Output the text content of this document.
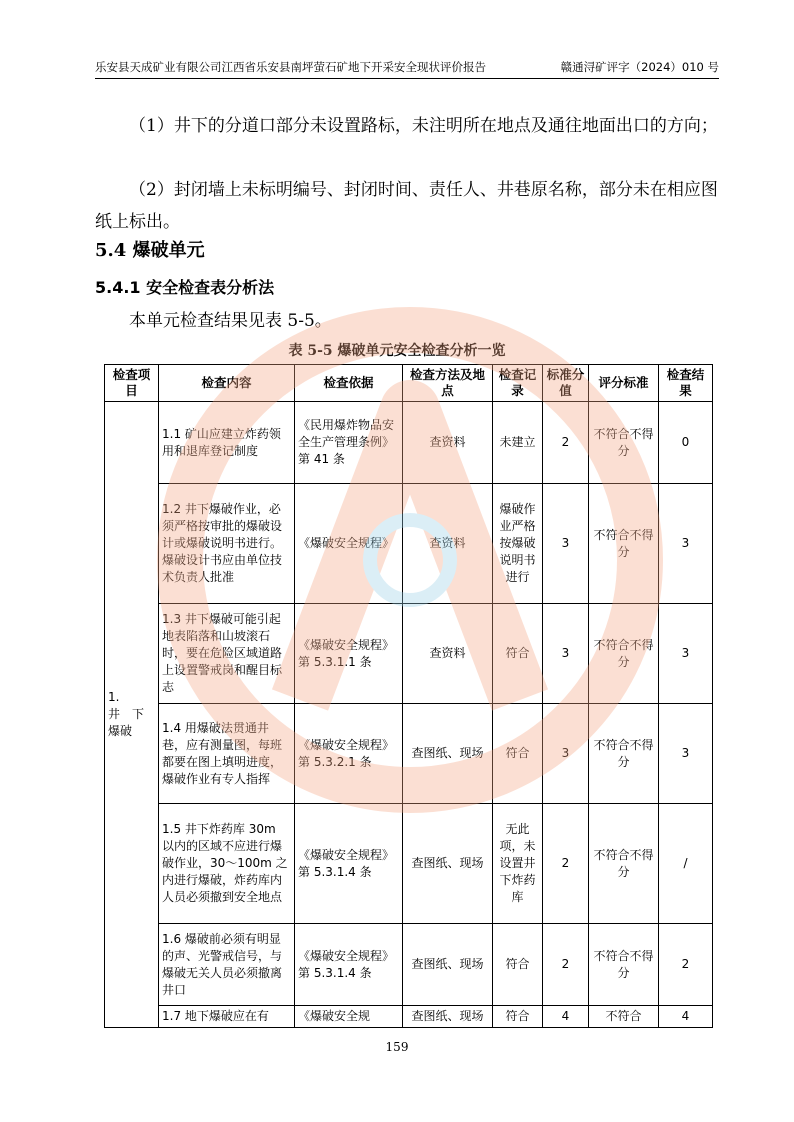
乐安县天成矿业有限公司江西省乐安县南坪萤石矿地下开采安全现状评价报告	赣通浔矿评字（2024）010 号
（1）井下的分道口部分未设置路标，未注明所在地点及通往地面出口的方向；
（2）封闭墙上未标明编号、封闭时间、责任人、井巷原名称，部分未在相应图纸上标出。
5.4 爆破单元
5.4.1 安全检查表分析法
本单元检查结果见表 5-5。
表 5-5 爆破单元安全检查分析一览
检查项目	检查内容	检查依据	检查方法及地点	检查记录	标准分值	评分标准	检查结果
1.
井　下爆破	1.1 矿山应建立炸药领用和退库登记制度	《民用爆炸物品安全生产管理条例》第 41 条	查资料	未建立	2	不符合不得分	0
	1.2 井下爆破作业，必须严格按审批的爆破设计或爆破说明书进行。爆破设计书应由单位技术负责人批准	《爆破安全规程》	查资料	爆破作业严格按爆破说明书进行	3	不符合不得分	3
	1.3 井下爆破可能引起地表陷落和山坡滚石时，要在危险区域道路上设置警戒岗和醒目标志	《爆破安全规程》第 5.3.1.1 条	查资料	符合	3	不符合不得分	3
	1.4 用爆破法贯通井巷，应有测量图，每班都要在图上填明进度，爆破作业有专人指挥	《爆破安全规程》第 5.3.2.1 条	查图纸、现场	符合	3	不符合不得分	3
	1.5 井下炸药库 30m 以内的区域不应进行爆破作业，30～100m 之内进行爆破，炸药库内人员必须撤到安全地点	《爆破安全规程》第 5.3.1.4 条	查图纸、现场	无此项，未设置井下炸药库	2	不符合不得分	/
	1.6 爆破前必须有明显的声、光警戒信号，与爆破无关人员必须撤离井口	《爆破安全规程》第 5.3.1.4 条	查图纸、现场	符合	2	不符合不得分	2
	1.7 地下爆破应在有	《爆破安全规	查图纸、现场	符合	4	不符合	4
159
